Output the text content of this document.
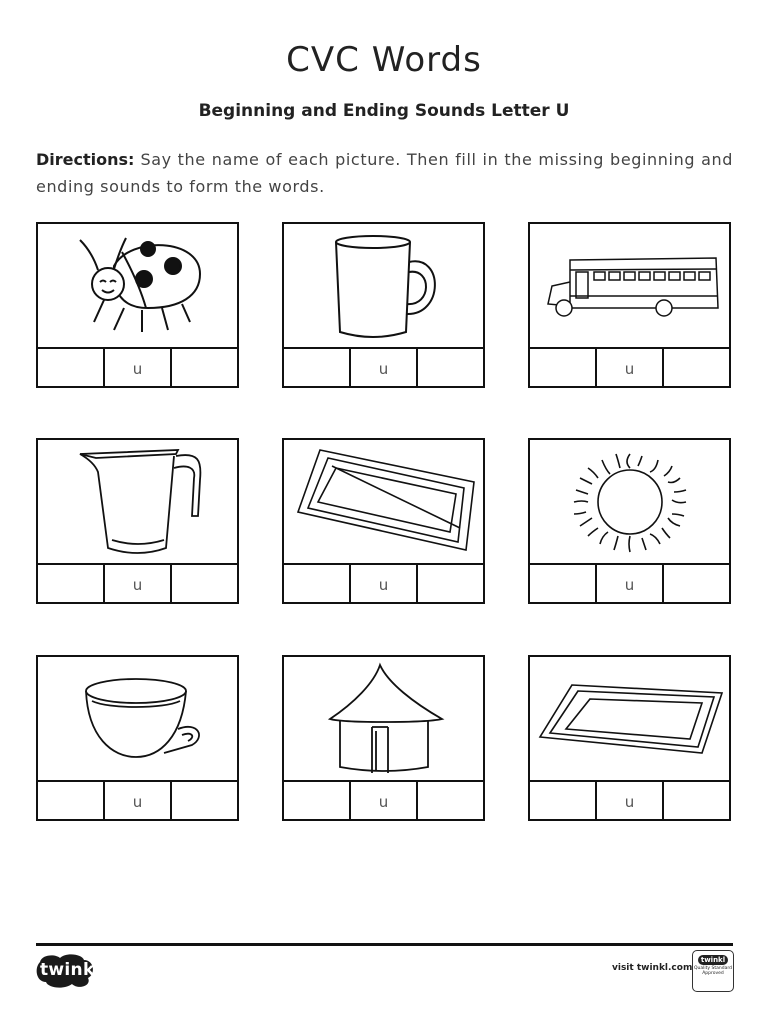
CVC Words
Beginning and Ending Sounds Letter U

Directions: Say the name of each picture. Then fill in the missing beginning and ending sounds to form the words.

u	u	u
u	u	u
u	u	u
twinkl	visit twinkl.com
twinkl
Quality Standard
Approved
